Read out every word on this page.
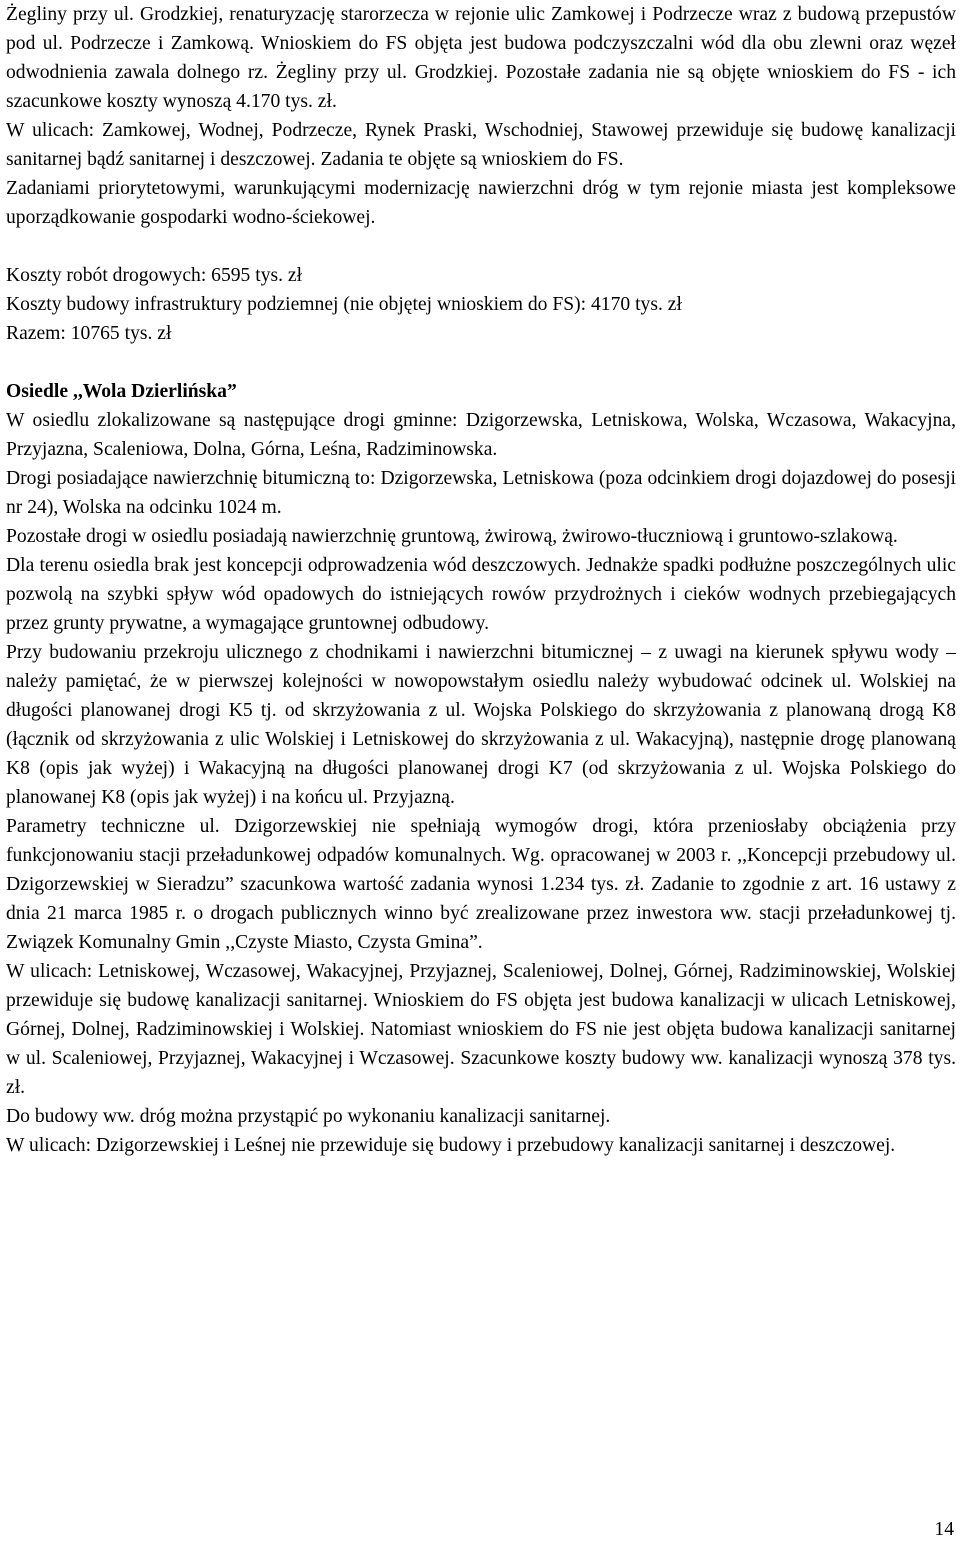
Żegliny przy ul. Grodzkiej, renaturyzację starorzecza w rejonie ulic Zamkowej i Podrzecze wraz z budową przepustów pod ul. Podrzecze i Zamkową. Wnioskiem do FS objęta jest budowa podczyszczalni wód dla obu zlewni oraz węzeł odwodnienia zawala dolnego rz. Żegliny przy ul. Grodzkiej. Pozostałe zadania nie są objęte wnioskiem do FS - ich szacunkowe koszty wynoszą 4.170 tys. zł.

W ulicach: Zamkowej, Wodnej, Podrzecze, Rynek Praski, Wschodniej, Stawowej przewiduje się budowę kanalizacji sanitarnej bądź sanitarnej i deszczowej. Zadania te objęte są wnioskiem do FS.

Zadaniami priorytetowymi, warunkującymi modernizację nawierzchni dróg w tym rejonie miasta jest kompleksowe uporządkowanie gospodarki wodno-ściekowej.

Koszty robót drogowych: 6595 tys. zł

Koszty budowy infrastruktury podziemnej (nie objętej wnioskiem do FS): 4170 tys. zł

Razem: 10765 tys. zł

Osiedle ,,Wola Dzierlińska”

W osiedlu zlokalizowane są następujące drogi gminne: Dzigorzewska, Letniskowa, Wolska, Wczasowa, Wakacyjna, Przyjazna, Scaleniowa, Dolna, Górna, Leśna, Radziminowska.

Drogi posiadające nawierzchnię bitumiczną to: Dzigorzewska, Letniskowa (poza odcinkiem drogi dojazdowej do posesji nr 24), Wolska na odcinku 1024 m.

Pozostałe drogi w osiedlu posiadają nawierzchnię gruntową, żwirową, żwirowo-tłuczniową i gruntowo-szlakową.

Dla terenu osiedla brak jest koncepcji odprowadzenia wód deszczowych. Jednakże spadki podłużne poszczególnych ulic pozwolą na szybki spływ wód opadowych do istniejących rowów przydrożnych i cieków wodnych przebiegających przez grunty prywatne, a wymagające gruntownej odbudowy.

Przy budowaniu przekroju ulicznego z chodnikami i nawierzchni bitumicznej – z uwagi na kierunek spływu wody – należy pamiętać, że w pierwszej kolejności w nowopowstałym osiedlu należy wybudować odcinek ul. Wolskiej na długości planowanej drogi K5 tj. od skrzyżowania z ul. Wojska Polskiego do skrzyżowania z planowaną drogą K8 (łącznik od skrzyżowania z ulic Wolskiej i Letniskowej do skrzyżowania z ul. Wakacyjną), następnie drogę planowaną K8 (opis jak wyżej) i Wakacyjną na długości planowanej drogi K7 (od skrzyżowania z ul. Wojska Polskiego do planowanej K8 (opis jak wyżej) i na końcu ul. Przyjazną.

Parametry techniczne ul. Dzigorzewskiej nie spełniają wymogów drogi, która przeniosłaby obciążenia przy funkcjonowaniu stacji przeładunkowej odpadów komunalnych. Wg. opracowanej w 2003 r. ,,Koncepcji przebudowy ul. Dzigorzewskiej w Sieradzu” szacunkowa wartość zadania wynosi 1.234 tys. zł. Zadanie to zgodnie z art. 16 ustawy z dnia 21 marca 1985 r. o drogach publicznych winno być zrealizowane przez inwestora ww. stacji przeładunkowej tj. Związek Komunalny Gmin ,,Czyste Miasto, Czysta Gmina”.

W ulicach: Letniskowej, Wczasowej, Wakacyjnej, Przyjaznej, Scaleniowej, Dolnej, Górnej, Radziminowskiej, Wolskiej przewiduje się budowę kanalizacji sanitarnej. Wnioskiem do FS objęta jest budowa kanalizacji w ulicach Letniskowej, Górnej, Dolnej, Radziminowskiej i Wolskiej. Natomiast wnioskiem do FS nie jest objęta budowa kanalizacji sanitarnej w ul. Scaleniowej, Przyjaznej, Wakacyjnej i Wczasowej. Szacunkowe koszty budowy ww. kanalizacji wynoszą 378 tys. zł.

Do budowy ww. dróg można przystąpić po wykonaniu kanalizacji sanitarnej.

W ulicach: Dzigorzewskiej i Leśnej nie przewiduje się budowy i przebudowy kanalizacji sanitarnej i deszczowej.

14
